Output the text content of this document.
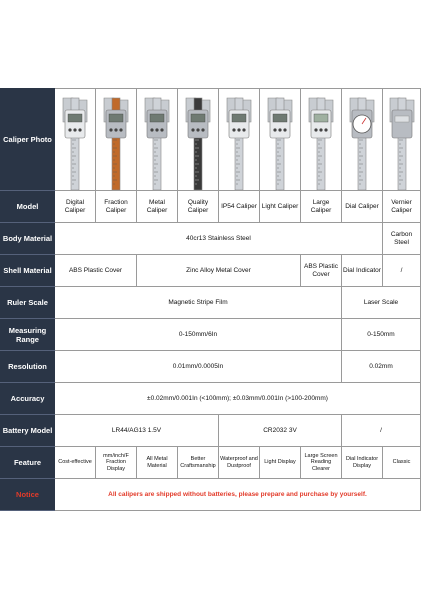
Caliper Photo	

Model	Digital Caliper	Fraction Caliper	Metal Caliper	Quality Caliper	IP54 Caliper	Light Caliper	Large Caliper	Dial Caliper	Vernier Caliper
Body Material	40cr13 Stainless Steel								Carbon Steel
Shell Material	ABS Plastic Cover		Zinc Alloy Metal Cover				ABS Plastic Cover	Dial Indicator	/
Ruler Scale	Magnetic Stripe Film							Laser Scale	
Measuring Range	0-150mm/6In							0-150mm	
Resolution	0.01mm/0.0005In							0.02mm	
Accuracy	±0.02mm/0.001In (<100mm); ±0.03mm/0.001In (>100-200mm)								
Battery Model	LR44/AG13 1.5V				CR2032 3V			/	
Feature	Cost-effective	mm/inch/F Fraction Display	All Metal Material	Better Craftsmanship	Waterproof and Dustproof	Light Display	Large Screen Reading Clearer	Dial Indicator Display	Classic
Notice	All calipers are shipped without batteries, please prepare and purchase by yourself.								
